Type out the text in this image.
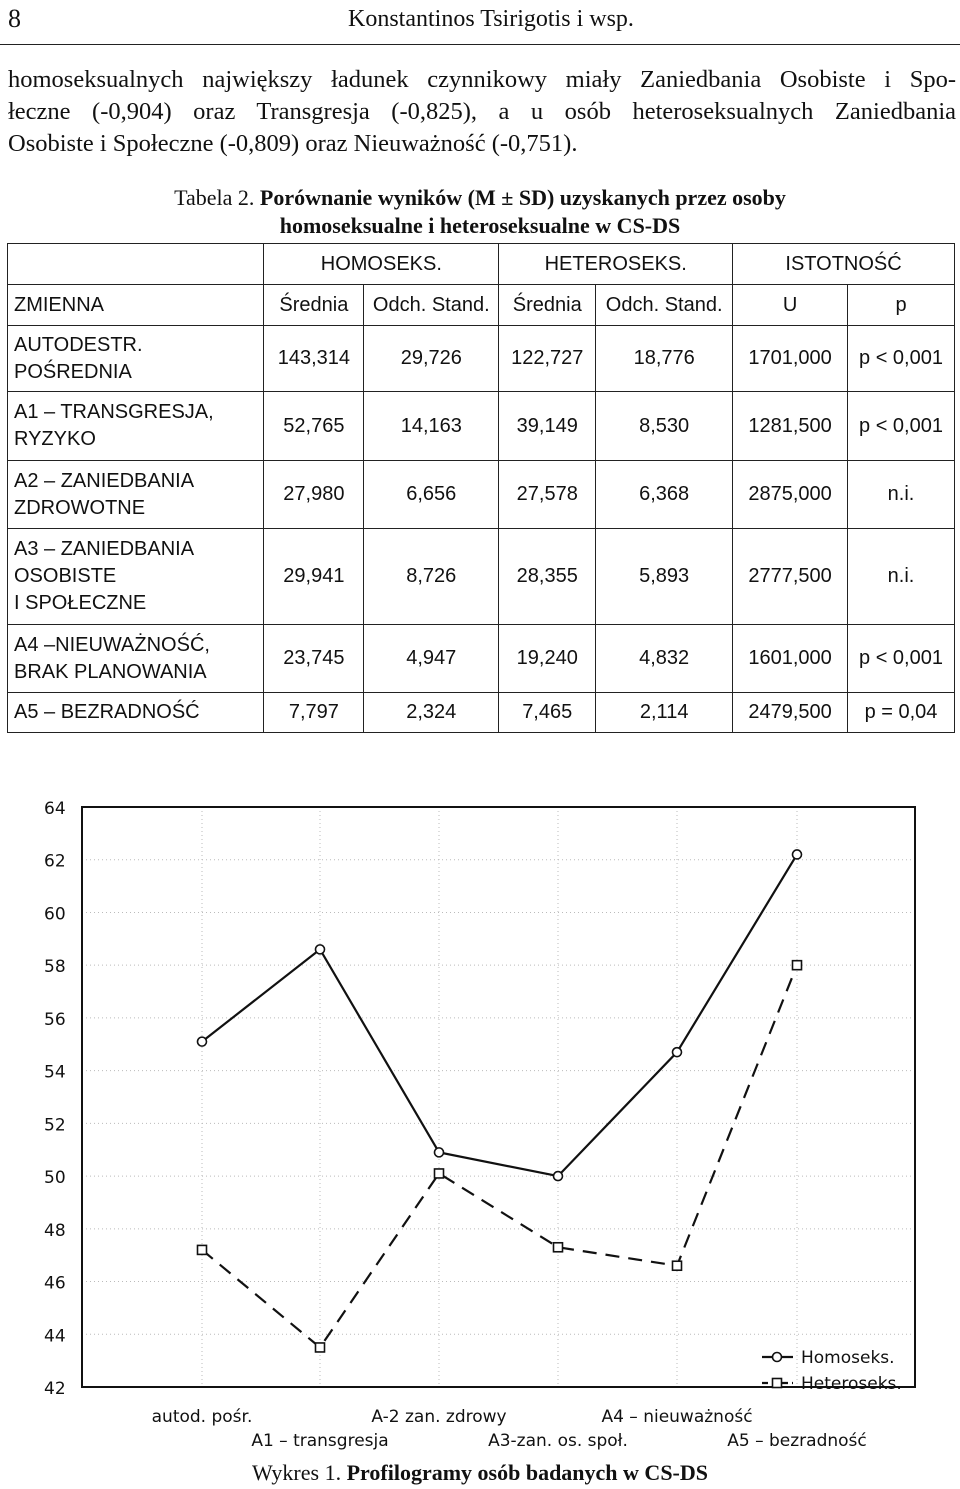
8	Konstantinos Tsirigotis i wsp.
homoseksualnych największy ładunek czynnikowy miały Zaniedbania Osobiste i Spo-
łeczne (-0,904) oraz Transgresja (-0,825), a u osób heteroseksualnych Zaniedbania
Osobiste i Społeczne (-0,809) oraz Nieuważność (-0,751).
Tabela 2. Porównanie wyników (M ± SD) uzyskanych przez osoby
homoseksualne i heteroseksualne w CS-DS
	HOMOSEKS.		HETEROSEKS.		ISTOTNOŚĆ	
ZMIENNA	Średnia	Odch. Stand.	Średnia	Odch. Stand.	U	p
AUTODESTR.
POŚREDNIA	143,314	29,726	122,727	18,776	1701,000	p < 0,001
A1 – TRANSGRESJA,
RYZYKO	52,765	14,163	39,149	8,530	1281,500	p < 0,001
A2 – ZANIEDBANIA
ZDROWOTNE	27,980	6,656	27,578	6,368	2875,000	n.i.
A3 – ZANIEDBANIA
OSOBISTE
I SPOŁECZNE	29,941	8,726	28,355	5,893	2777,500	n.i.
A4 –NIEUWAŻNOŚĆ,
BRAK PLANOWANIA	23,745	4,947	19,240	4,832	1601,000	p < 0,001
A5 – BEZRADNOŚĆ	7,797	2,324	7,465	2,114	2479,500	p = 0,04
64
62
60
58
56
54
52
50
48
46
44
42
autod. pośr.
A1 – transgresja
A-2 zan. zdrowy
A3-zan. os. społ.
A4 – nieuważność
A5 – bezradność
Homoseks.
Heteroseks.
Wykres 1. Profilogramy osób badanych w CS-DS
